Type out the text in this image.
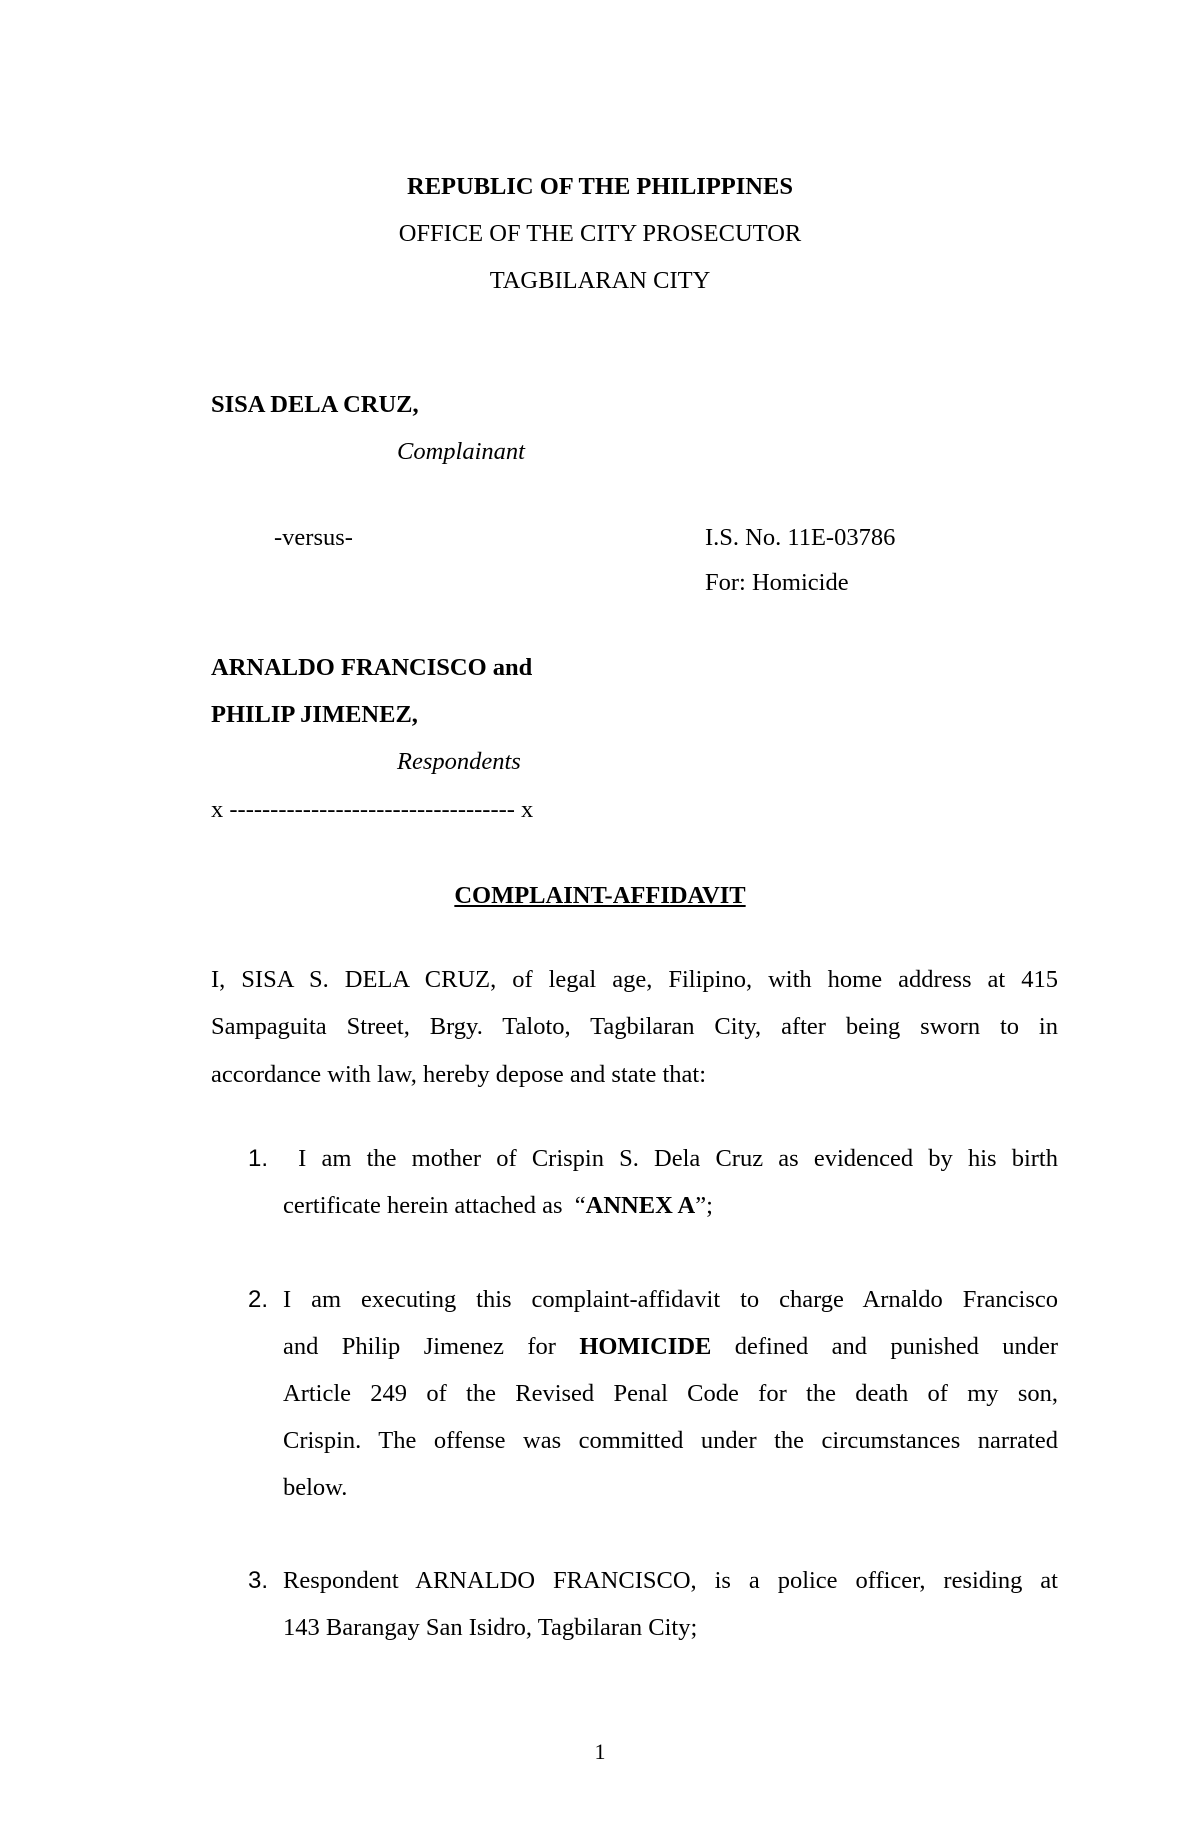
REPUBLIC OF THE PHILIPPINES

OFFICE OF THE CITY PROSECUTOR

TAGBILARAN CITY

SISA DELA CRUZ,

Complainant

-versus-	I.S. No. 11E-03786

For: Homicide

ARNALDO FRANCISCO and

PHILIP JIMENEZ,

Respondents

x ----------------------------------- x

COMPLAINT-AFFIDAVIT

I, SISA S. DELA CRUZ, of legal age, Filipino, with home address at 415

Sampaguita Street, Brgy. Taloto, Tagbilaran City, after being sworn to in

accordance with law, hereby depose and state that:

1. I am the mother of Crispin S. Dela Cruz as evidenced by his birth

certificate herein attached as  “ANNEX A”;

2. I am executing this complaint-affidavit to charge Arnaldo Francisco

and Philip Jimenez for HOMICIDE defined and punished under

Article 249 of the Revised Penal Code for the death of my son,

Crispin. The offense was committed under the circumstances narrated

below.

3. Respondent ARNALDO FRANCISCO, is a police officer, residing at

143 Barangay San Isidro, Tagbilaran City;

1
